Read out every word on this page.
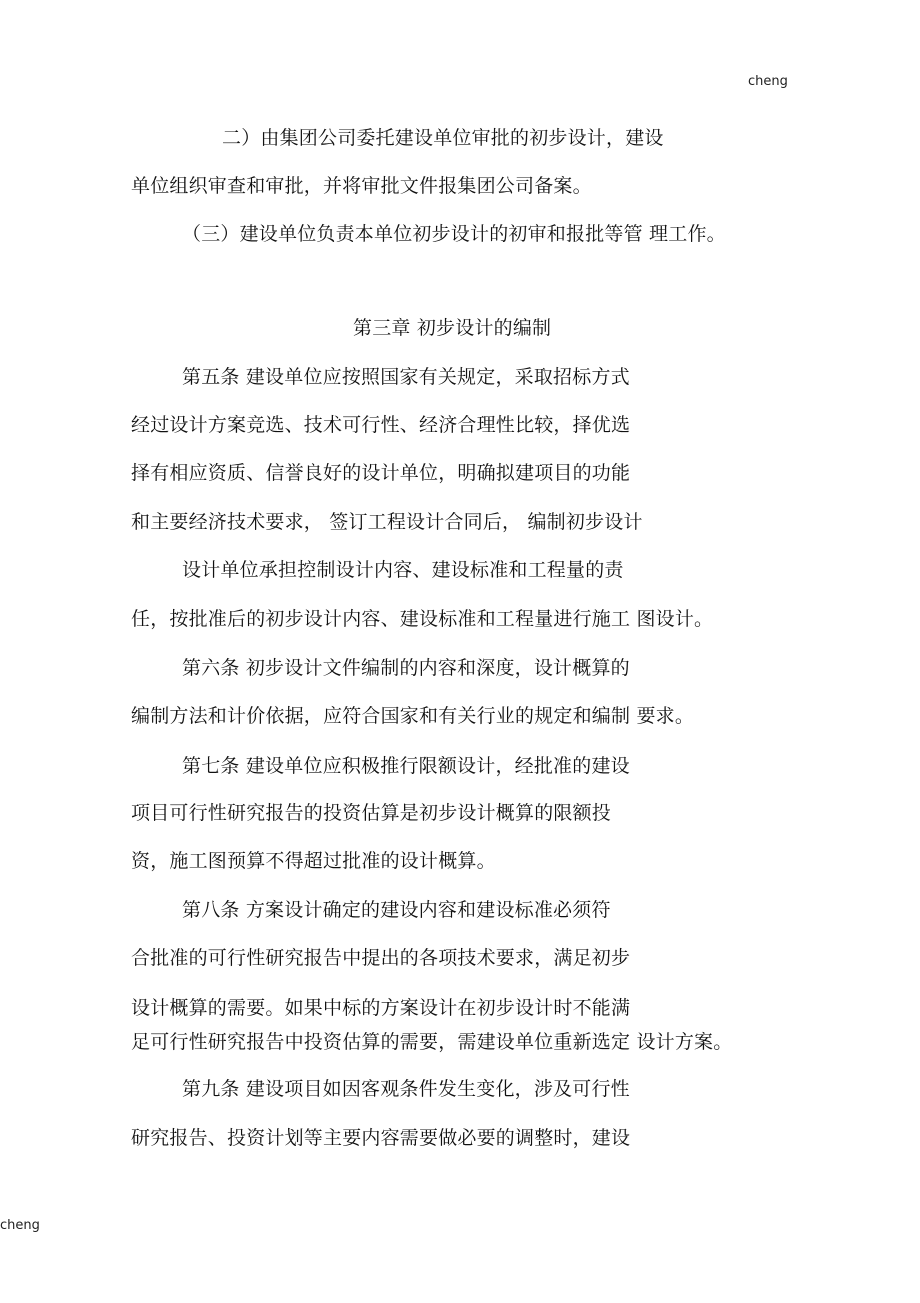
cheng
二）由集团公司委托建设单位审批的初步设计，建设
单位组织审查和审批，并将审批文件报集团公司备案。
（三）建设单位负责本单位初步设计的初审和报批等管 理工作。
第三章 初步设计的编制
第五条 建设单位应按照国家有关规定，采取招标方式
经过设计方案竞选、技术可行性、经济合理性比较，择优选
择有相应资质、信誉良好的设计单位，明确拟建项目的功能
和主要经济技术要求， 签订工程设计合同后， 编制初步设计
设计单位承担控制设计内容、建设标准和工程量的责
任，按批准后的初步设计内容、建设标准和工程量进行施工 图设计。
第六条 初步设计文件编制的内容和深度，设计概算的
编制方法和计价依据，应符合国家和有关行业的规定和编制 要求。
第七条 建设单位应积极推行限额设计，经批准的建设
项目可行性研究报告的投资估算是初步设计概算的限额投
资，施工图预算不得超过批准的设计概算。
第八条 方案设计确定的建设内容和建设标准必须符
合批准的可行性研究报告中提出的各项技术要求，满足初步
设计概算的需要。如果中标的方案设计在初步设计时不能满
足可行性研究报告中投资估算的需要，需建设单位重新选定 设计方案。
第九条 建设项目如因客观条件发生变化，涉及可行性
研究报告、投资计划等主要内容需要做必要的调整时，建设
cheng
